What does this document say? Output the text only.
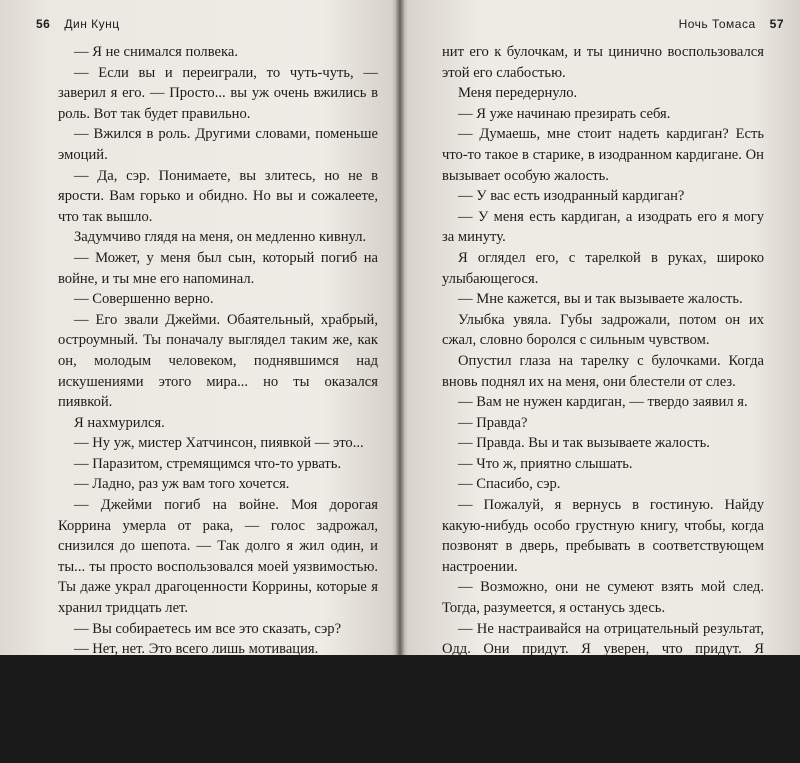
56 Дин Кунц

— Я не снимался полвека.

— Если вы и переиграли, то чуть-чуть, — заверил я его. — Просто... вы уж очень вжились в роль. Вот так будет правильно.

— Вжился в роль. Другими словами, поменьше эмоций.

— Да, сэр. Понимаете, вы злитесь, но не в ярости. Вам горько и обидно. Но вы и сожалеете, что так вышло.

Задумчиво глядя на меня, он медленно кивнул.

— Может, у меня был сын, который погиб на войне, и ты мне его напоминал.

— Совершенно верно.

— Его звали Джейми. Обаятельный, храбрый, остроумный. Ты поначалу выглядел таким же, как он, молодым человеком, поднявшимся над искушениями этого мира... но ты оказался пиявкой.

Я нахмурился.

— Ну уж, мистер Хатчинсон, пиявкой — это...

— Паразитом, стремящимся что-то урвать.

— Ладно, раз уж вам того хочется.

— Джейми погиб на войне. Моя дорогая Коррина умерла от рака, — голос задрожал, снизился до шепота. — Так долго я жил один, и ты... ты просто воспользовался моей уязвимостью. Ты даже украл драгоценности Коррины, которые я хранил тридцать лет.

— Вы собираетесь им все это сказать, сэр?

— Нет, нет. Это всего лишь мотивация.

Он достал из буфета тарелку. Положил на нее две булочки.

— Отец Джейми и муж Коррины — не тот старик, которого меланхолия гонит к бутылке. Она го-

Ночь Томаса 57

нит его к булочкам, и ты цинично воспользовался этой его слабостью.

Меня передернуло.

— Я уже начинаю презирать себя.

— Думаешь, мне стоит надеть кардиган? Есть что-то такое в старике, в изодранном кардигане. Он вызывает особую жалость.

— У вас есть изодранный кардиган?

— У меня есть кардиган, а изодрать его я могу за минуту.

Я оглядел его, с тарелкой в руках, широко улыбающегося.

— Мне кажется, вы и так вызываете жалость.

Улыбка увяла. Губы задрожали, потом он их сжал, словно боролся с сильным чувством.

Опустил глаза на тарелку с булочками. Когда вновь поднял их на меня, они блестели от слез.

— Вам не нужен кардиган, — твердо заявил я.

— Правда?

— Правда. Вы и так вызываете жалость.

— Что ж, приятно слышать.

— Спасибо, сэр.

— Пожалуй, я вернусь в гостиную. Найду какую-нибудь особо грустную книгу, чтобы, когда позвонят в дверь, пребывать в соответствующем настроении.

— Возможно, они не сумеют взять мой след. Тогда, разумеется, я останусь здесь.

— Не настраивайся на отрицательный результат, Одд. Они придут. Я уверен, что придут. Я позаботься.

Он толкнул вращающуюся дверь с энергией мо-
